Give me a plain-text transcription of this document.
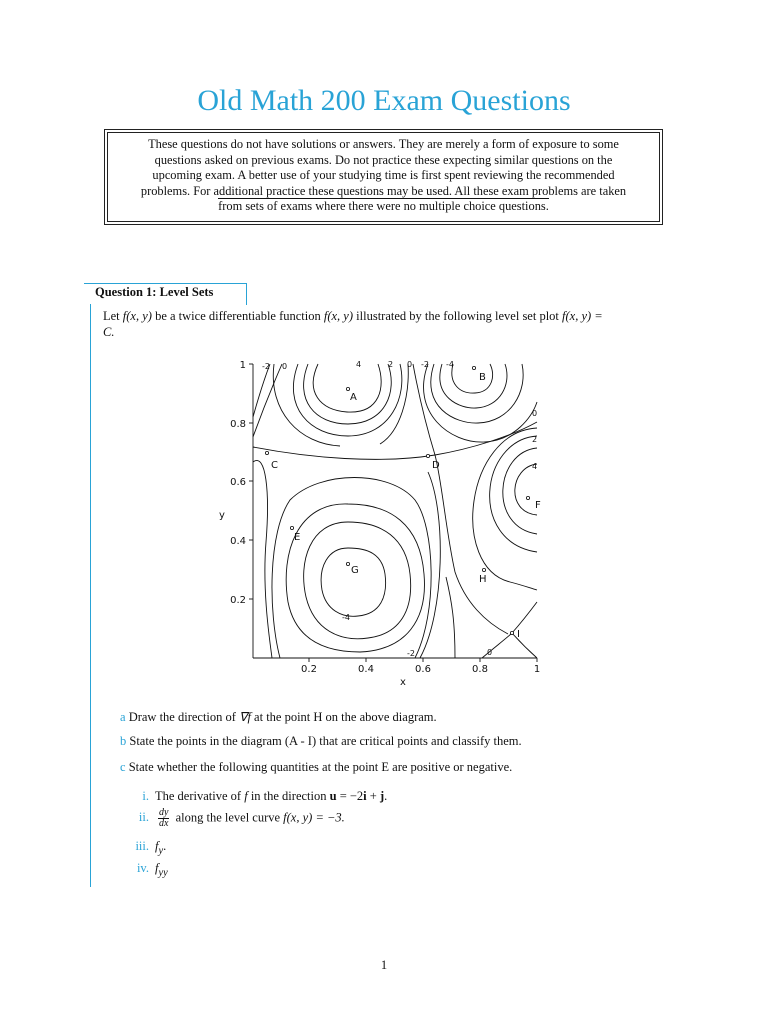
Old Math 200 Exam Questions
These questions do not have solutions or answers. They are merely a form of exposure to some
questions asked on previous exams. Do not practice these expecting similar questions on the
upcoming exam. A better use of your studying time is first spent reviewing the recommended
problems. For additional practice these questions may be used. All these exam problems are taken
from sets of exams where there were no multiple choice questions.
Question 1: Level Sets
Let f(x, y) be a twice differentiable function f(x, y) illustrated by the following level set plot f(x, y) =
C.
1
0.8
0.6
0.4
0.2
0.2	0.4	0.6	0.8	1
x
y
A
B
C	D
E
F
G
H
I
-2 0	4	2 0 -2 -4
0
2
4
-4
-2	0
a Draw the direction of ∇f at the point H on the above diagram.
b State the points in the diagram (A - I) that are critical points and classify them.
c State whether the following quantities at the point E are positive or negative.
i. The derivative of f in the direction u = −2i + j.
ii. $\frac{dy}{dx}$ along the level curve f(x, y) = −3.
iii. $f_y$.
iv. $f_{yy}$
1
